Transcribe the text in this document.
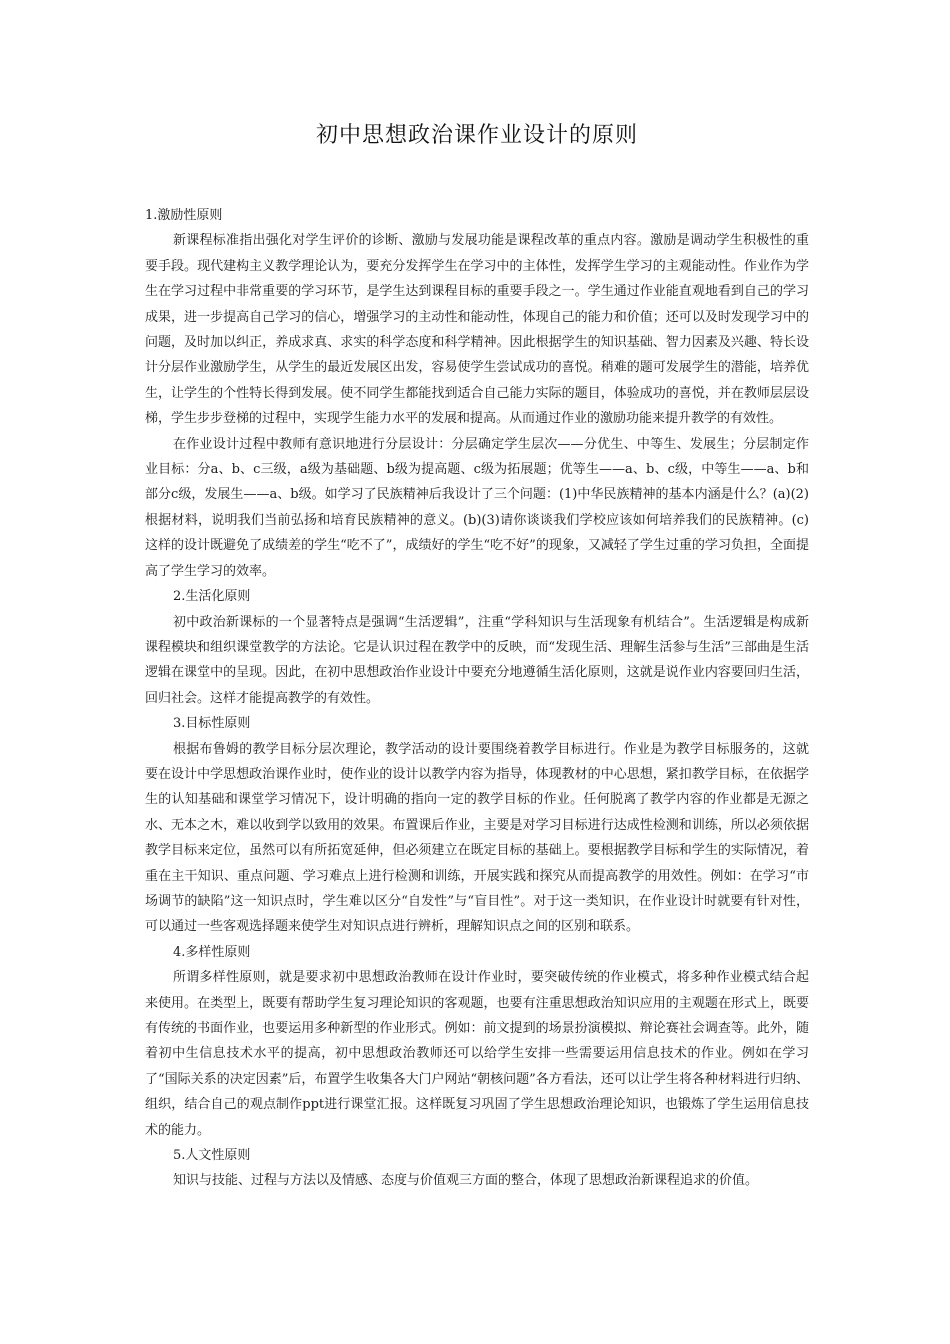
初中思想政治课作业设计的原则

1.激励性原则

新课程标准指出强化对学生评价的诊断、激励与发展功能是课程改革的重点内容。激励是调动学生积极性的重要手段。现代建构主义教学理论认为，要充分发挥学生在学习中的主体性，发挥学生学习的主观能动性。作业作为学生在学习过程中非常重要的学习环节，是学生达到课程目标的重要手段之一。学生通过作业能直观地看到自己的学习成果，进一步提高自己学习的信心，增强学习的主动性和能动性，体现自己的能力和价值；还可以及时发现学习中的问题，及时加以纠正，养成求真、求实的科学态度和科学精神。因此根据学生的知识基础、智力因素及兴趣、特长设计分层作业激励学生，从学生的最近发展区出发，容易使学生尝试成功的喜悦。稍难的题可发展学生的潜能，培养优生，让学生的个性特长得到发展。使不同学生都能找到适合自己能力实际的题目，体验成功的喜悦，并在教师层层设梯，学生步步登梯的过程中，实现学生能力水平的发展和提高。从而通过作业的激励功能来提升教学的有效性。

在作业设计过程中教师有意识地进行分层设计：分层确定学生层次——分优生、中等生、发展生；分层制定作业目标：分a、b、c三级，a级为基础题、b级为提高题、c级为拓展题；优等生——a、b、c级，中等生——a、b和部分c级，发展生——a、b级。如学习了民族精神后我设计了三个问题：(1)中华民族精神的基本内涵是什么？(a)(2)根据材料，说明我们当前弘扬和培育民族精神的意义。(b)(3)请你谈谈我们学校应该如何培养我们的民族精神。(c)这样的设计既避免了成绩差的学生“吃不了”，成绩好的学生“吃不好”的现象，又减轻了学生过重的学习负担，全面提高了学生学习的效率。

2.生活化原则

初中政治新课标的一个显著特点是强调“生活逻辑”，注重“学科知识与生活现象有机结合”。生活逻辑是构成新课程模块和组织课堂教学的方法论。它是认识过程在教学中的反映，而“发现生活、理解生活参与生活”三部曲是生活逻辑在课堂中的呈现。因此，在初中思想政治作业设计中要充分地遵循生活化原则，这就是说作业内容要回归生活，回归社会。这样才能提高教学的有效性。

3.目标性原则

根据布鲁姆的教学目标分层次理论，教学活动的设计要围绕着教学目标进行。作业是为教学目标服务的，这就要在设计中学思想政治课作业时，使作业的设计以教学内容为指导，体现教材的中心思想，紧扣教学目标，在依据学生的认知基础和课堂学习情况下，设计明确的指向一定的教学目标的作业。任何脱离了教学内容的作业都是无源之水、无本之木，难以收到学以致用的效果。布置课后作业，主要是对学习目标进行达成性检测和训练，所以必须依据教学目标来定位，虽然可以有所拓宽延伸，但必须建立在既定目标的基础上。要根据教学目标和学生的实际情况，着重在主干知识、重点问题、学习难点上进行检测和训练，开展实践和探究从而提高教学的用效性。例如：在学习“市场调节的缺陷”这一知识点时，学生难以区分“自发性”与“盲目性”。对于这一类知识，在作业设计时就要有针对性，可以通过一些客观选择题来使学生对知识点进行辨析，理解知识点之间的区别和联系。

4.多样性原则

所谓多样性原则，就是要求初中思想政治教师在设计作业时，要突破传统的作业模式，将多种作业模式结合起来使用。在类型上，既要有帮助学生复习理论知识的客观题，也要有注重思想政治知识应用的主观题在形式上，既要有传统的书面作业，也要运用多种新型的作业形式。例如：前文提到的场景扮演模拟、辩论赛社会调查等。此外，随着初中生信息技术水平的提高，初中思想政治教师还可以给学生安排一些需要运用信息技术的作业。例如在学习了“国际关系的决定因素”后，布置学生收集各大门户网站“朝核问题”各方看法，还可以让学生将各种材料进行归纳、组织，结合自己的观点制作ppt进行课堂汇报。这样既复习巩固了学生思想政治理论知识，也锻炼了学生运用信息技术的能力。

5.人文性原则

知识与技能、过程与方法以及情感、态度与价值观三方面的整合，体现了思想政治新课程追求的价值。
